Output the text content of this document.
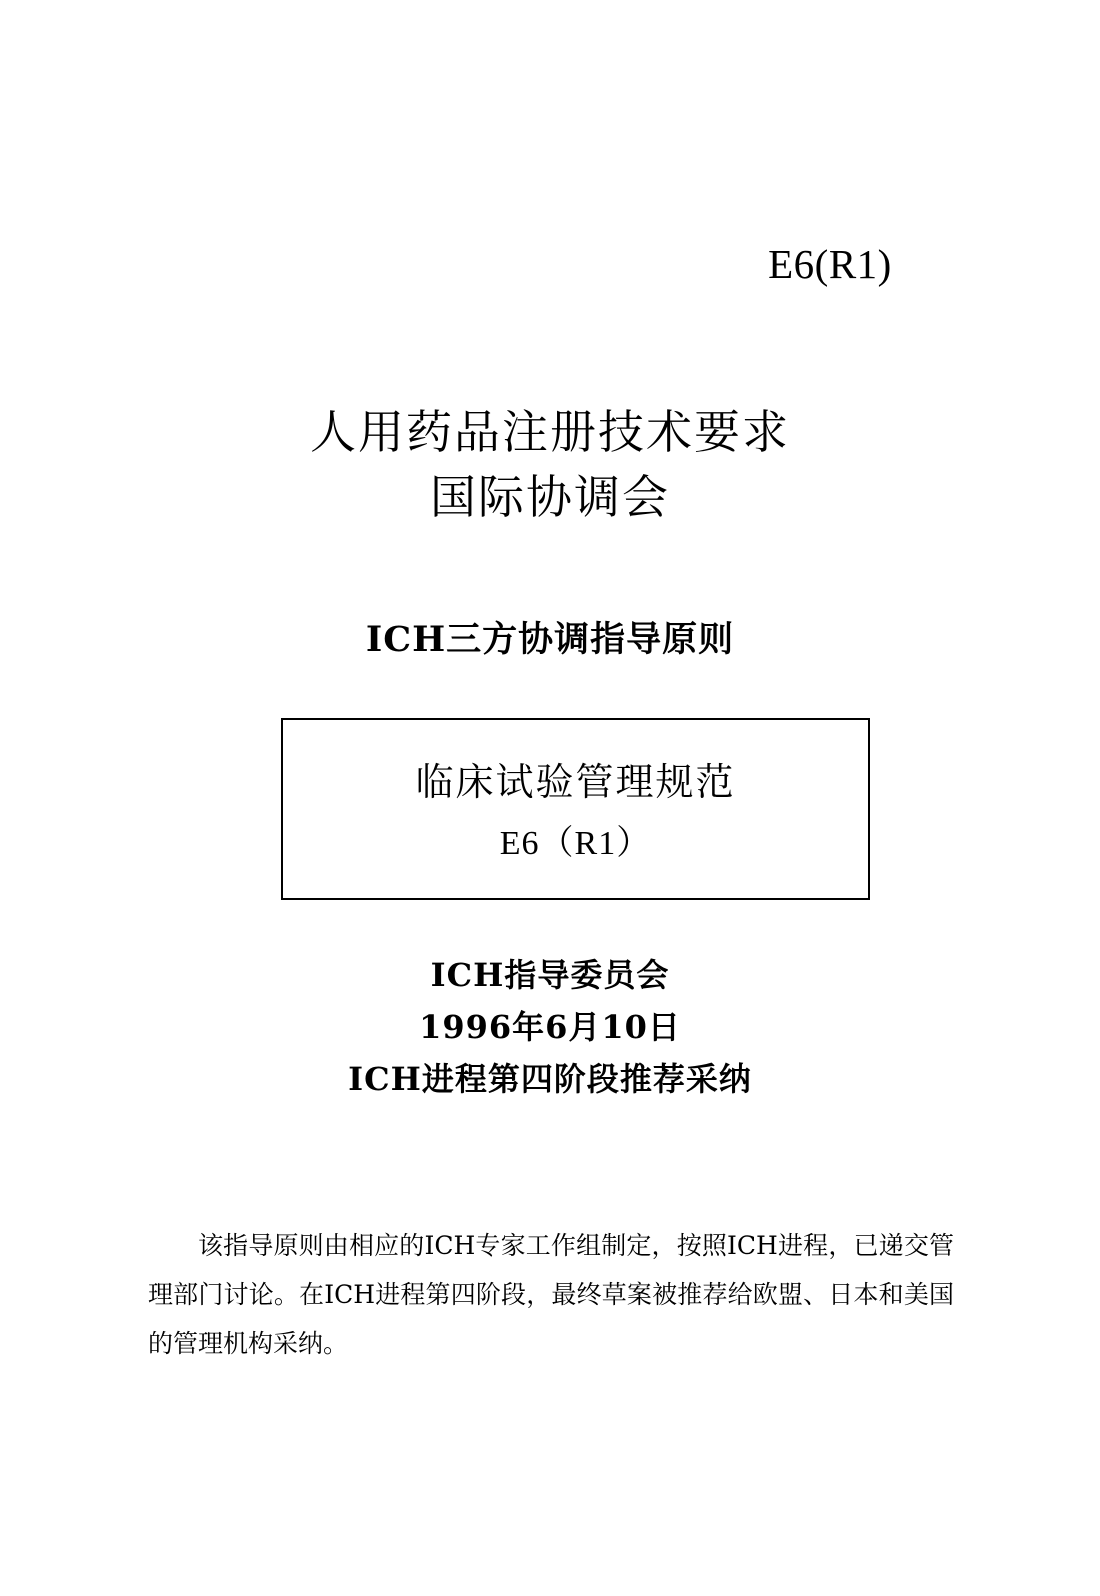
E6(R1)
人用药品注册技术要求
国际协调会
ICH三方协调指导原则
临床试验管理规范
E6（R1）
ICH指导委员会
1996年6月10日
ICH进程第四阶段推荐采纳
该指导原则由相应的ICH专家工作组制定，按照ICH进程，已递交管理部门讨论。在ICH进程第四阶段，最终草案被推荐给欧盟、日本和美国的管理机构采纳。
